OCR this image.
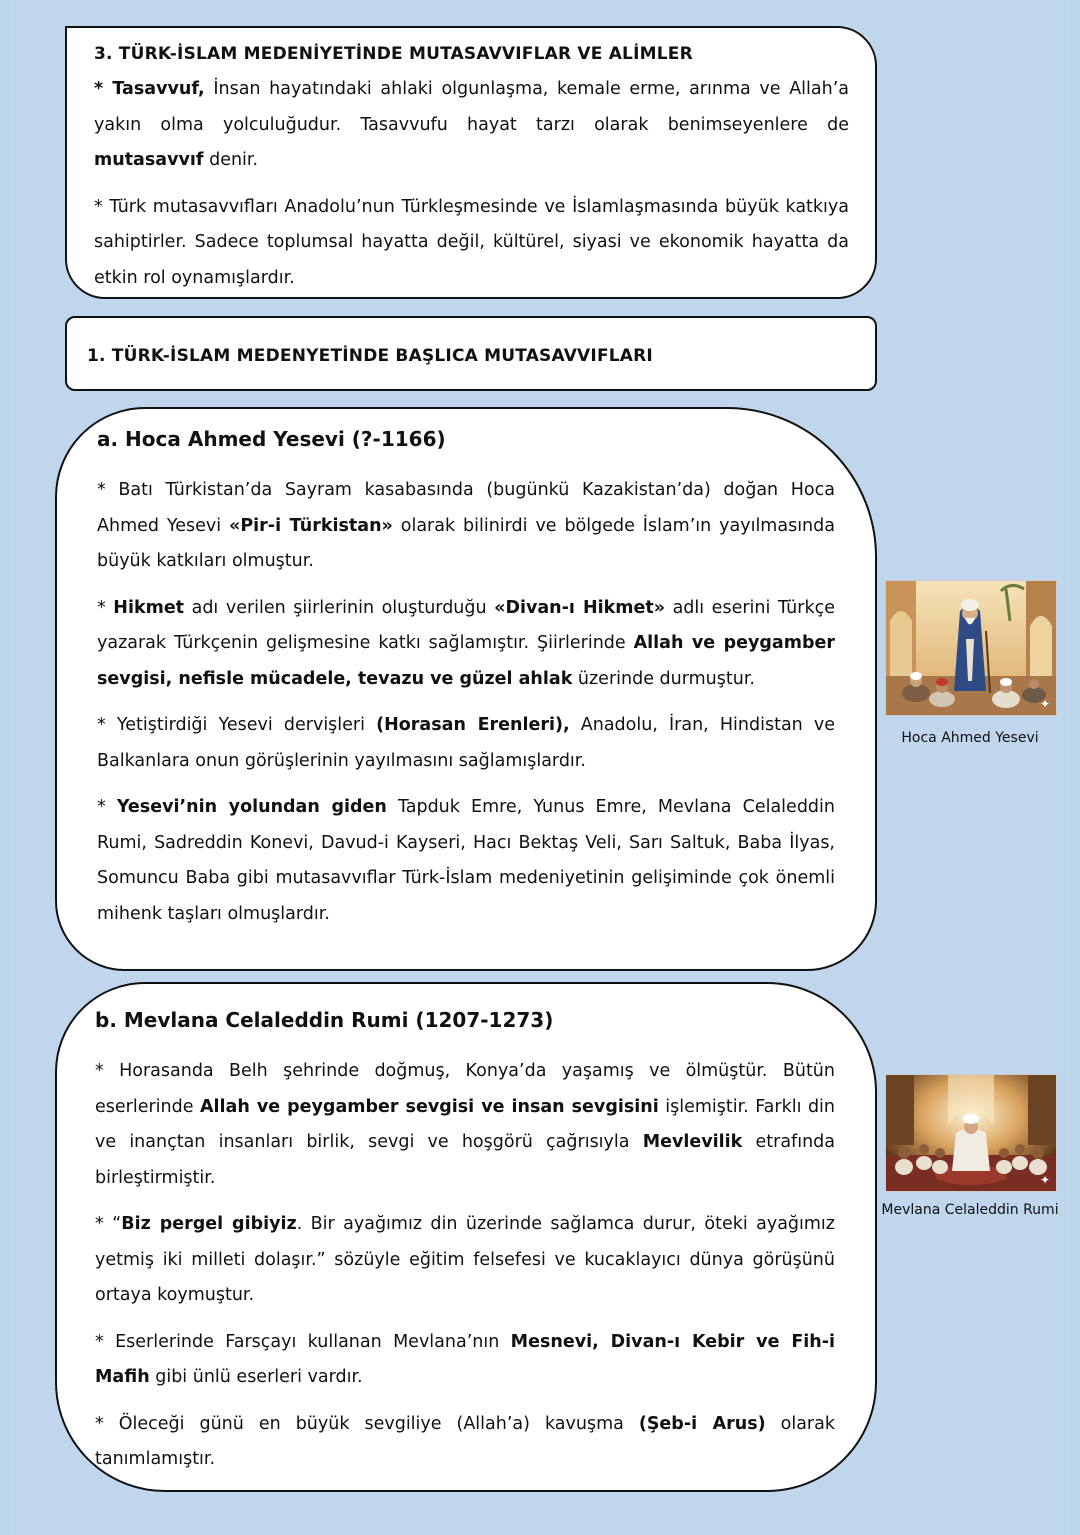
3. TÜRK-İSLAM MEDENİYETİNDE MUTASAVVIFLAR VE ALİMLER

* Tasavvuf, İnsan hayatındaki ahlaki olgunlaşma, kemale erme, arınma ve Allah’a yakın olma yolculuğudur. Tasavvufu hayat tarzı olarak benimseyenlere de mutasavvıf denir.

* Türk mutasavvıfları Anadolu’nun Türkleşmesinde ve İslamlaşmasında büyük katkıya sahiptirler. Sadece toplumsal hayatta değil, kültürel, siyasi ve ekonomik hayatta da etkin rol oynamışlardır.

1. TÜRK-İSLAM MEDENYETİNDE BAŞLICA MUTASAVVIFLARI
a. Hoca Ahmed Yesevi (?-1166)

* Batı Türkistan’da Sayram kasabasında (bugünkü Kazakistan’da) doğan Hoca Ahmed Yesevi «Pir-i Türkistan» olarak bilinirdi ve bölgede İslam’ın yayılmasında büyük katkıları olmuştur.

* Hikmet adı verilen şiirlerinin oluşturduğu «Divan-ı Hikmet» adlı eserini Türkçe yazarak Türkçenin gelişmesine katkı sağlamıştır. Şiirlerinde Allah ve peygamber sevgisi, nefisle mücadele, tevazu ve güzel ahlak üzerinde durmuştur.

* Yetiştirdiği Yesevi dervişleri (Horasan Erenleri), Anadolu, İran, Hindistan ve Balkanlara onun görüşlerinin yayılmasını sağlamışlardır.

* Yesevi’nin yolundan giden Tapduk Emre, Yunus Emre, Mevlana Celaleddin Rumi, Sadreddin Konevi, Davud-i Kayseri, Hacı Bektaş Veli, Sarı Saltuk, Baba İlyas, Somuncu Baba gibi mutasavvıflar Türk-İslam medeniyetinin gelişiminde çok önemli mihenk taşları olmuşlardır.

✦
Hoca Ahmed Yesevi
b. Mevlana Celaleddin Rumi (1207-1273)

* Horasanda Belh şehrinde doğmuş, Konya’da yaşamış ve ölmüştür. Bütün eserlerinde Allah ve peygamber sevgisi ve insan sevgisini işlemiştir. Farklı din ve inançtan insanları birlik, sevgi ve hoşgörü çağrısıyla Mevlevilik etrafında birleştirmiştir.

* “Biz pergel gibiyiz. Bir ayağımız din üzerinde sağlamca durur, öteki ayağımız yetmiş iki milleti dolaşır.” sözüyle eğitim felsefesi ve kucaklayıcı dünya görüşünü ortaya koymuştur.

* Eserlerinde Farsçayı kullanan Mevlana’nın Mesnevi, Divan-ı Kebir ve Fih-i Mafih gibi ünlü eserleri vardır.

* Öleceği günü en büyük sevgiliye (Allah’a) kavuşma (Şeb-i Arus) olarak tanımlamıştır.

✦
Mevlana Celaleddin Rumi
